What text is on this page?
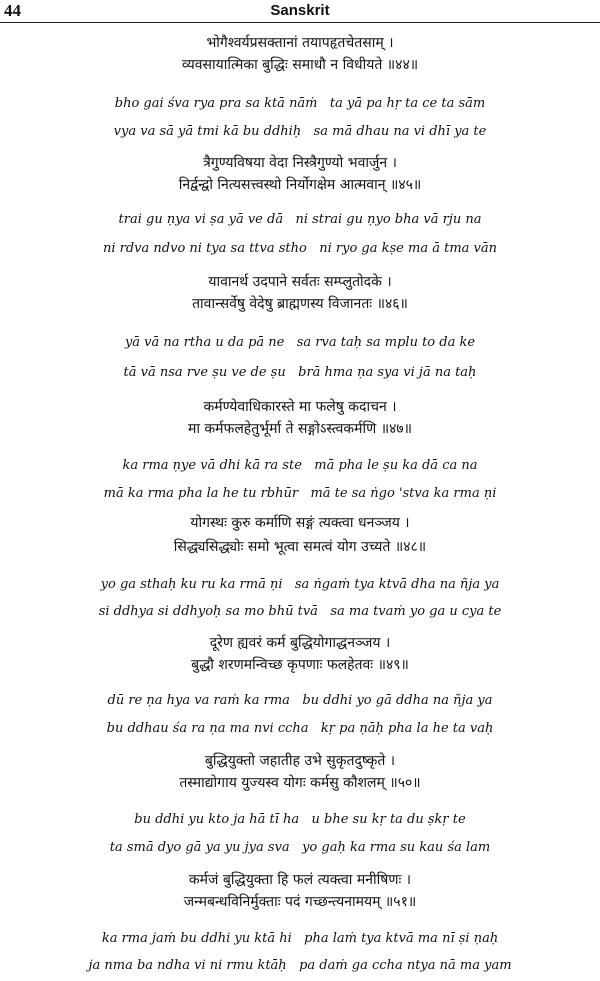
44	Sanskrit
भोगैश्वर्यप्रसक्तानां तयापहृतचेतसाम् ।
व्यवसायात्मिका बुद्धिः समाधौ न विधीयते ॥४४॥
bho gai śva rya pra sa ktā nāṁ   ta yā pa hṛ ta ce ta sām
vya va sā yā tmi kā bu ddhiḥ   sa mā dhau na vi dhī ya te
त्रैगुण्यविषया वेदा निस्त्रैगुण्यो भवार्जुन ।
निर्द्वन्द्वो नित्यसत्त्वस्थो निर्योगक्षेम आत्मवान् ॥४५॥
trai gu ṇya vi ṣa yā ve dā   ni strai gu ṇyo bha vā rju na
ni rdva ndvo ni tya sa ttva stho   ni ryo ga kṣe ma ā tma vān
यावानर्थ उदपाने सर्वतः सम्प्लुतोदके ।
तावान्सर्वेषु वेदेषु ब्राह्मणस्य विजानतः ॥४६॥
yā vā na rtha u da pā ne   sa rva taḥ sa mplu to da ke
tā vā nsa rve ṣu ve de ṣu   brā hma ṇa sya vi jā na taḥ
कर्मण्येवाधिकारस्ते मा फलेषु कदाचन ।
मा कर्मफलहेतुर्भूर्मा ते सङ्गोऽस्त्वकर्मणि ॥४७॥
ka rma ṇye vā dhi kā ra ste   mā pha le ṣu ka dā ca na
mā ka rma pha la he tu rbhūr   mā te sa ṅgo 'stva ka rma ṇi
योगस्थः कुरु कर्माणि सङ्गं त्यक्त्वा धनञ्जय ।
सिद्ध्यसिद्ध्योः समो भूत्वा समत्वं योग उच्यते ॥४८॥
yo ga sthaḥ ku ru ka rmā ṇi   sa ṅgaṁ tya ktvā dha na ñja ya
si ddhya si ddhyoḥ sa mo bhū tvā   sa ma tvaṁ yo ga u cya te
दूरेण ह्यवरं कर्म बुद्धियोगाद्धनञ्जय ।
बुद्धौ शरणमन्विच्छ कृपणाः फलहेतवः ॥४९॥
dū re ṇa hya va raṁ ka rma   bu ddhi yo gā ddha na ñja ya
bu ddhau śa ra ṇa ma nvi ccha   kṛ pa ṇāḥ pha la he ta vaḥ
बुद्धियुक्तो जहातीह उभे सुकृतदुष्कृते ।
तस्माद्योगाय युज्यस्व योगः कर्मसु कौशलम् ॥५०॥
bu ddhi yu kto ja hā tī ha   u bhe su kṛ ta du ṣkṛ te
ta smā dyo gā ya yu jya sva   yo gaḥ ka rma su kau śa lam
कर्मजं बुद्धियुक्ता हि फलं त्यक्त्वा मनीषिणः ।
जन्मबन्धविनिर्मुक्ताः पदं गच्छन्त्यनामयम् ॥५१॥
ka rma jaṁ bu ddhi yu ktā hi   pha laṁ tya ktvā ma nī ṣi ṇaḥ
ja nma ba ndha vi ni rmu ktāḥ   pa daṁ ga ccha ntya nā ma yam
